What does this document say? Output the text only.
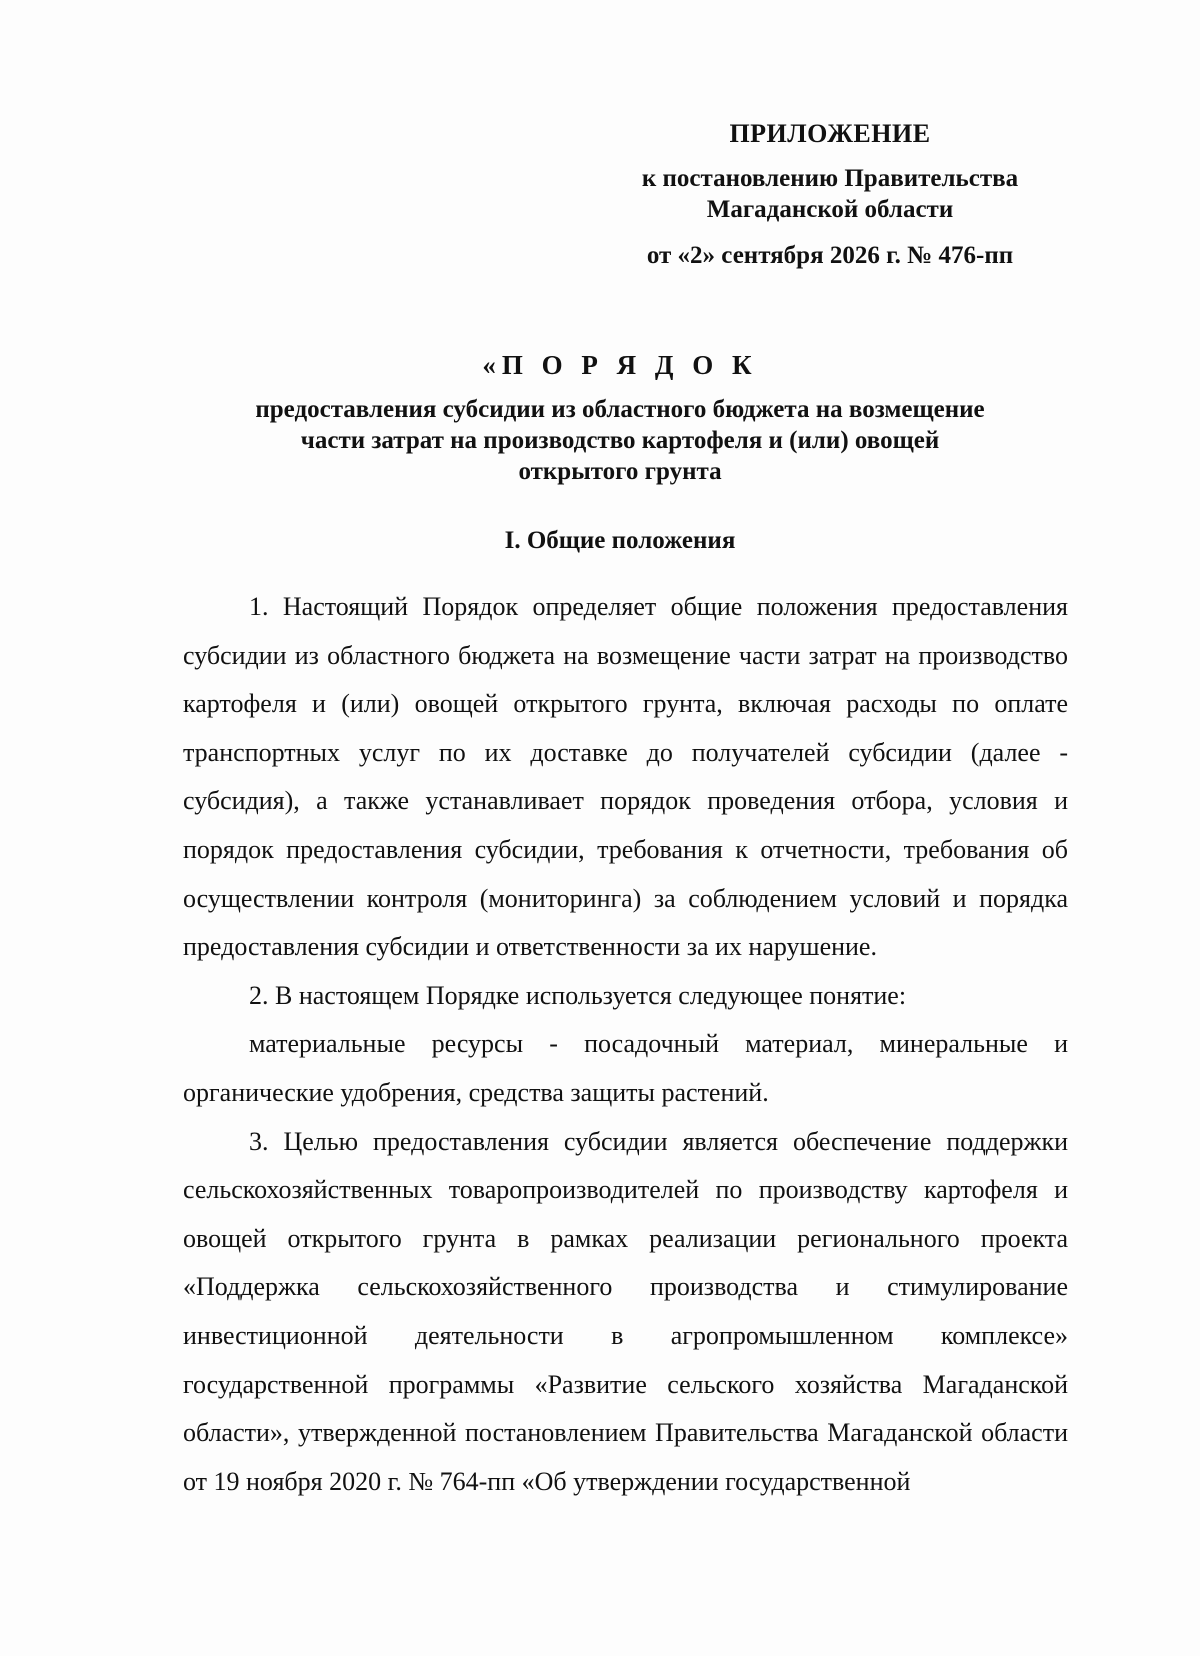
ПРИЛОЖЕНИЕ
к постановлению Правительства
Магаданской области
от «2» сентября 2026 г. № 476-пп
«П О Р Я Д О К
предоставления субсидии из областного бюджета на возмещение
части затрат на производство картофеля и (или) овощей
открытого грунта
I. Общие положения

1. Настоящий Порядок определяет общие положения предоставления субсидии из областного бюджета на возмещение части затрат на производство картофеля и (или) овощей открытого грунта, включая расходы по оплате транспортных услуг по их доставке до получателей субсидии (далее - субсидия), а также устанавливает порядок проведения отбора, условия и порядок предоставления субсидии, требования к отчетности, требования об осуществлении контроля (мониторинга) за соблюдением условий и порядка предоставления субсидии и ответственности за их нарушение.

2. В настоящем Порядке используется следующее понятие:

материальные ресурсы - посадочный материал, минеральные и органические удобрения, средства защиты растений.

3. Целью предоставления субсидии является обеспечение поддержки сельскохозяйственных товаропроизводителей по производству картофеля и овощей открытого грунта в рамках реализации регионального проекта «Поддержка сельскохозяйственного производства и стимулирование инвестиционной деятельности в агропромышленном комплексе» государственной программы «Развитие сельского хозяйства Магаданской области», утвержденной постановлением Правительства Магаданской области от 19 ноября 2020 г. № 764-пп «Об утверждении государственной
